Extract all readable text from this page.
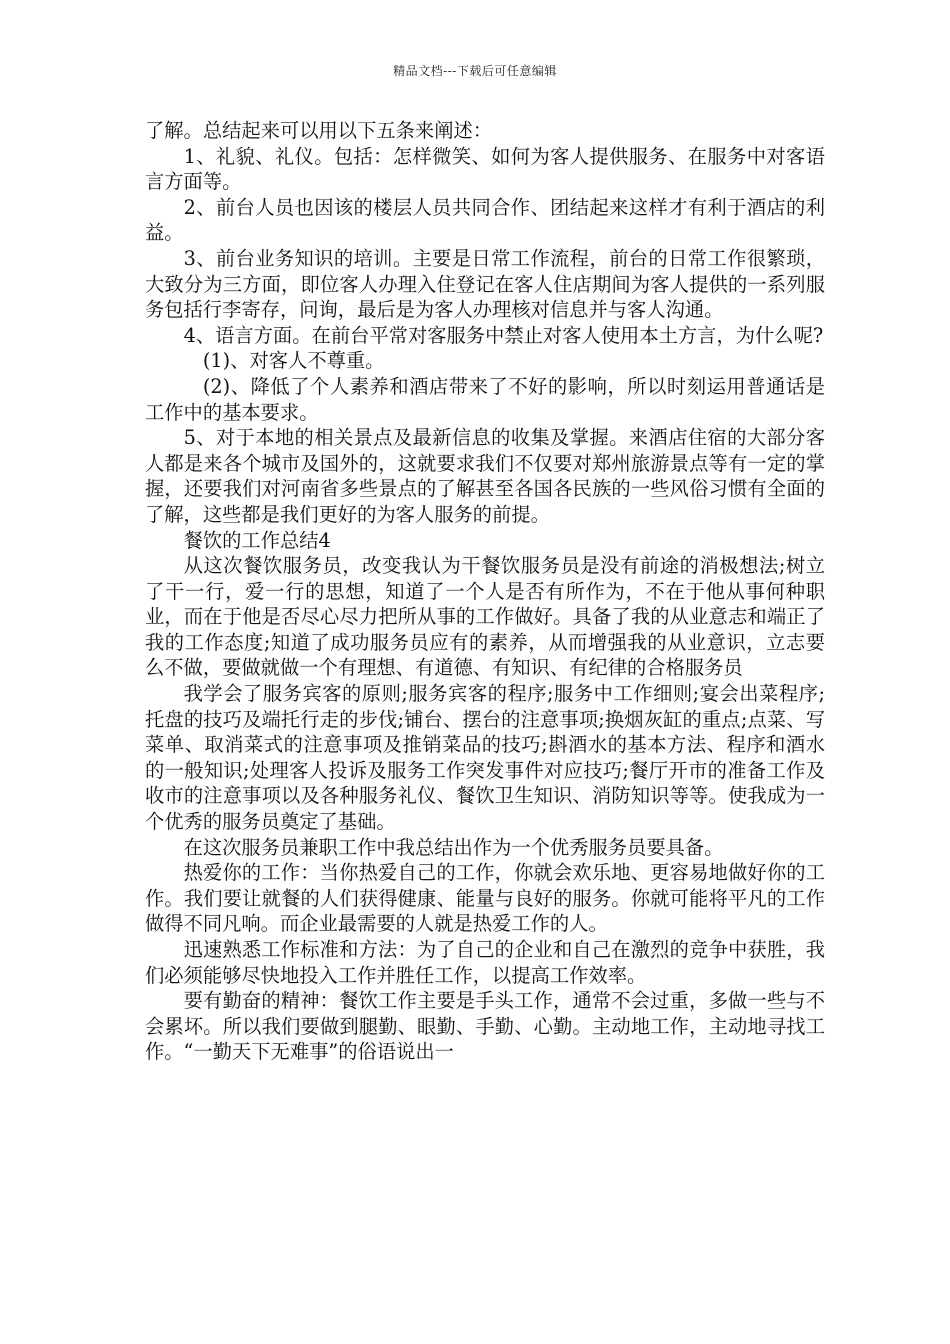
精品文档---下载后可任意编辑

了解。总结起来可以用以下五条来阐述：

1、礼貌、礼仪。包括：怎样微笑、如何为客人提供服务、在服务中对客语言方面等。

2、前台人员也因该的楼层人员共同合作、团结起来这样才有利于酒店的利益。

3、前台业务知识的培训。主要是日常工作流程，前台的日常工作很繁琐，大致分为三方面，即位客人办理入住登记在客人住店期间为客人提供的一系列服务包括行李寄存，问询，最后是为客人办理核对信息并与客人沟通。

4、语言方面。在前台平常对客服务中禁止对客人使用本土方言，为什么呢?

(1)、对客人不尊重。

(2)、降低了个人素养和酒店带来了不好的影响，所以时刻运用普通话是工作中的基本要求。

5、对于本地的相关景点及最新信息的收集及掌握。来酒店住宿的大部分客人都是来各个城市及国外的，这就要求我们不仅要对郑州旅游景点等有一定的掌握，还要我们对河南省多些景点的了解甚至各国各民族的一些风俗习惯有全面的了解，这些都是我们更好的为客人服务的前提。

餐饮的工作总结4

从这次餐饮服务员，改变我认为干餐饮服务员是没有前途的消极想法;树立了干一行，爱一行的思想，知道了一个人是否有所作为，不在于他从事何种职业，而在于他是否尽心尽力把所从事的工作做好。具备了我的从业意志和端正了我的工作态度;知道了成功服务员应有的素养，从而增强我的从业意识，立志要么不做，要做就做一个有理想、有道德、有知识、有纪律的合格服务员

我学会了服务宾客的原则;服务宾客的程序;服务中工作细则;宴会出菜程序;托盘的技巧及端托行走的步伐;铺台、摆台的注意事项;换烟灰缸的重点;点菜、写菜单、取消菜式的注意事项及推销菜品的技巧;斟酒水的基本方法、程序和酒水的一般知识;处理客人投诉及服务工作突发事件对应技巧;餐厅开市的准备工作及收市的注意事项以及各种服务礼仪、餐饮卫生知识、消防知识等等。使我成为一个优秀的服务员奠定了基础。

在这次服务员兼职工作中我总结出作为一个优秀服务员要具备。

热爱你的工作：当你热爱自己的工作，你就会欢乐地、更容易地做好你的工作。我们要让就餐的人们获得健康、能量与良好的服务。你就可能将平凡的工作做得不同凡响。而企业最需要的人就是热爱工作的人。

迅速熟悉工作标准和方法：为了自己的企业和自己在激烈的竞争中获胜，我们必须能够尽快地投入工作并胜任工作，以提高工作效率。

要有勤奋的精神：餐饮工作主要是手头工作，通常不会过重，多做一些与不会累坏。所以我们要做到腿勤、眼勤、手勤、心勤。主动地工作，主动地寻找工作。“一勤天下无难事”的俗语说出一
